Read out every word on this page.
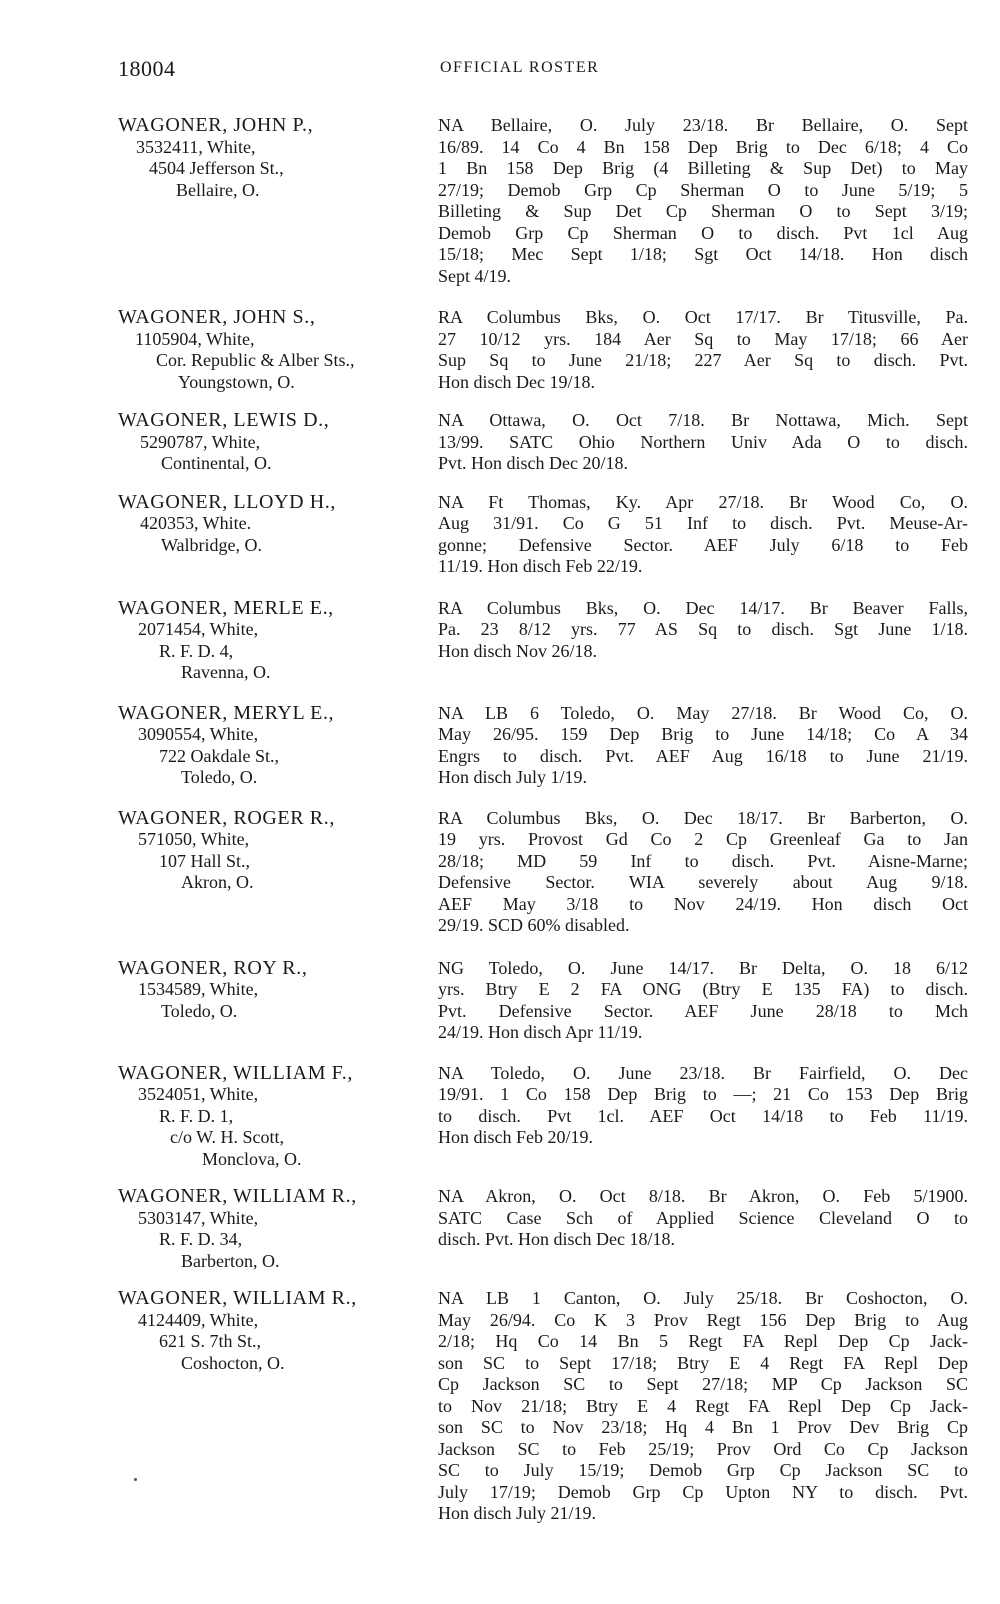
18004	OFFICIAL ROSTER
WAGONER, JOHN P.,
3532411, White,
4504 Jefferson St.,
Bellaire, O.
NA Bellaire, O. July 23/18. Br Bellaire, O. Sept
16/89. 14 Co 4 Bn 158 Dep Brig to Dec 6/18; 4 Co
1 Bn 158 Dep Brig (4 Billeting & Sup Det) to May
27/19; Demob Grp Cp Sherman O to June 5/19; 5
Billeting & Sup Det Cp Sherman O to Sept 3/19;
Demob Grp Cp Sherman O to disch. Pvt 1cl Aug
15/18; Mec Sept 1/18; Sgt Oct 14/18. Hon disch
Sept 4/19.
WAGONER, JOHN S.,
1105904, White,
Cor. Republic & Alber Sts.,
Youngstown, O.
RA Columbus Bks, O. Oct 17/17. Br Titusville, Pa.
27 10/12 yrs. 184 Aer Sq to May 17/18; 66 Aer
Sup Sq to June 21/18; 227 Aer Sq to disch. Pvt.
Hon disch Dec 19/18.
WAGONER, LEWIS D.,
5290787, White,
Continental, O.
NA Ottawa, O. Oct 7/18. Br Nottawa, Mich. Sept
13/99. SATC Ohio Northern Univ Ada O to disch.
Pvt. Hon disch Dec 20/18.
WAGONER, LLOYD H.,
420353, White.
Walbridge, O.
NA Ft Thomas, Ky. Apr 27/18. Br Wood Co, O.
Aug 31/91. Co G 51 Inf to disch. Pvt. Meuse-Ar-
gonne; Defensive Sector. AEF July 6/18 to Feb
11/19. Hon disch Feb 22/19.
WAGONER, MERLE E.,
2071454, White,
R. F. D. 4,
Ravenna, O.
RA Columbus Bks, O. Dec 14/17. Br Beaver Falls,
Pa. 23 8/12 yrs. 77 AS Sq to disch. Sgt June 1/18.
Hon disch Nov 26/18.
WAGONER, MERYL E.,
3090554, White,
722 Oakdale St.,
Toledo, O.
NA LB 6 Toledo, O. May 27/18. Br Wood Co, O.
May 26/95. 159 Dep Brig to June 14/18; Co A 34
Engrs to disch. Pvt. AEF Aug 16/18 to June 21/19.
Hon disch July 1/19.
WAGONER, ROGER R.,
571050, White,
107 Hall St.,
Akron, O.
RA Columbus Bks, O. Dec 18/17. Br Barberton, O.
19 yrs. Provost Gd Co 2 Cp Greenleaf Ga to Jan
28/18; MD 59 Inf to disch. Pvt. Aisne-Marne;
Defensive Sector. WIA severely about Aug 9/18.
AEF May 3/18 to Nov 24/19. Hon disch Oct
29/19. SCD 60% disabled.
WAGONER, ROY R.,
1534589, White,
Toledo, O.
NG Toledo, O. June 14/17. Br Delta, O. 18 6/12
yrs. Btry E 2 FA ONG (Btry E 135 FA) to disch.
Pvt. Defensive Sector. AEF June 28/18 to Mch
24/19. Hon disch Apr 11/19.
WAGONER, WILLIAM F.,
3524051, White,
R. F. D. 1,
c/o W. H. Scott,
Monclova, O.
NA Toledo, O. June 23/18. Br Fairfield, O. Dec
19/91. 1 Co 158 Dep Brig to —; 21 Co 153 Dep Brig
to disch. Pvt 1cl. AEF Oct 14/18 to Feb 11/19.
Hon disch Feb 20/19.
WAGONER, WILLIAM R.,
5303147, White,
R. F. D. 34,
Barberton, O.
NA Akron, O. Oct 8/18. Br Akron, O. Feb 5/1900.
SATC Case Sch of Applied Science Cleveland O to
disch. Pvt. Hon disch Dec 18/18.
WAGONER, WILLIAM R.,
4124409, White,
621 S. 7th St.,
Coshocton, O.
NA LB 1 Canton, O. July 25/18. Br Coshocton, O.
May 26/94. Co K 3 Prov Regt 156 Dep Brig to Aug
2/18; Hq Co 14 Bn 5 Regt FA Repl Dep Cp Jack-
son SC to Sept 17/18; Btry E 4 Regt FA Repl Dep
Cp Jackson SC to Sept 27/18; MP Cp Jackson SC
to Nov 21/18; Btry E 4 Regt FA Repl Dep Cp Jack-
son SC to Nov 23/18; Hq 4 Bn 1 Prov Dev Brig Cp
Jackson SC to Feb 25/19; Prov Ord Co Cp Jackson
SC to July 15/19; Demob Grp Cp Jackson SC to
July 17/19; Demob Grp Cp Upton NY to disch. Pvt.
Hon disch July 21/19.
